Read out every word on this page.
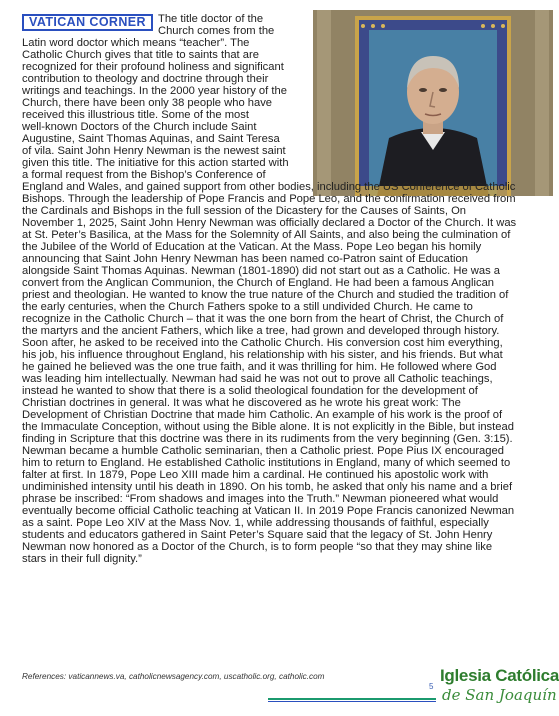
VATICAN CORNER	The title doctor of the
Church comes from the
Latin word doctor which means “teacher”. The
Catholic Church gives that title to saints that are
recognized for their profound holiness and significant
contribution to theology and doctrine through their
writings and teachings. In the 2000 year history of the
Church, there have been only 38 people who have
received this illustrious title. Some of the most
well-known Doctors of the Church include Saint
Augustine, Saint Thomas Aquinas, and Saint Teresa
of vila. Saint John Henry Newman is the newest saint
given this title. The initiative for this action started with
a formal request from the Bishop’s Conference of
England and Wales, and gained support from other bodies, including the US Conference of Catholic
Bishops. Through the leadership of Pope Francis and Pope Leo, and the confirmation received from
the Cardinals and Bishops in the full session of the Dicastery for the Causes of Saints, On
November 1, 2025, Saint John Henry Newman was officially declared a Doctor of the Church. It was
at St. Peter’s Basilica, at the Mass for the Solemnity of All Saints, and also being the culmination of
the Jubilee of the World of Education at the Vatican. At the Mass. Pope Leo began his homily
announcing that Saint John Henry Newman has been named co-Patron saint of Education
alongside Saint Thomas Aquinas. Newman (1801-1890) did not start out as a Catholic. He was a
convert from the Anglican Communion, the Church of England. He had been a famous Anglican
priest and theologian. He wanted to know the true nature of the Church and studied the tradition of
the early centuries, when the Church Fathers spoke to a still undivided Church. He came to
recognize in the Catholic Church – that it was the one born from the heart of Christ, the Church of
the martyrs and the ancient Fathers, which like a tree, had grown and developed through history.
Soon after, he asked to be received into the Catholic Church. His conversion cost him everything,
his job, his influence throughout England, his relationship with his sister, and his friends. But what
he gained he believed was the one true faith, and it was thrilling for him. He followed where God
was leading him intellectually. Newman had said he was not out to prove all Catholic teachings,
instead he wanted to show that there is a solid theological foundation for the development of
Christian doctrines in general. It was what he discovered as he wrote his great work: The
Development of Christian Doctrine that made him Catholic. An example of his work is the proof of
the Immaculate Conception, without using the Bible alone. It is not explicitly in the Bible, but instead
finding in Scripture that this doctrine was there in its rudiments from the very beginning (Gen. 3:15).
Newman became a humble Catholic seminarian, then a Catholic priest. Pope Pius IX encouraged
him to return to England. He established Catholic institutions in England, many of which seemed to
falter at first. In 1879, Pope Leo XIII made him a cardinal. He continued his apostolic work with
undiminished intensity until his death in 1890. On his tomb, he asked that only his name and a brief
phrase be inscribed: “From shadows and images into the Truth.” Newman pioneered what would
eventually become official Catholic teaching at Vatican II. In 2019 Pope Francis canonized Newman
as a saint. Pope Leo XIV at the Mass Nov. 1, while addressing thousands of faithful, especially
students and educators gathered in Saint Peter’s Square said that the legacy of St. John Henry
Newman now honored as a Doctor of the Church, is to form people “so that they may shine like
stars in their full dignity.”
References: vaticannews.va, catholicnewsagency.com, uscatholic.org, catholic.com
5
Iglesia Católica
de San Joaquín
